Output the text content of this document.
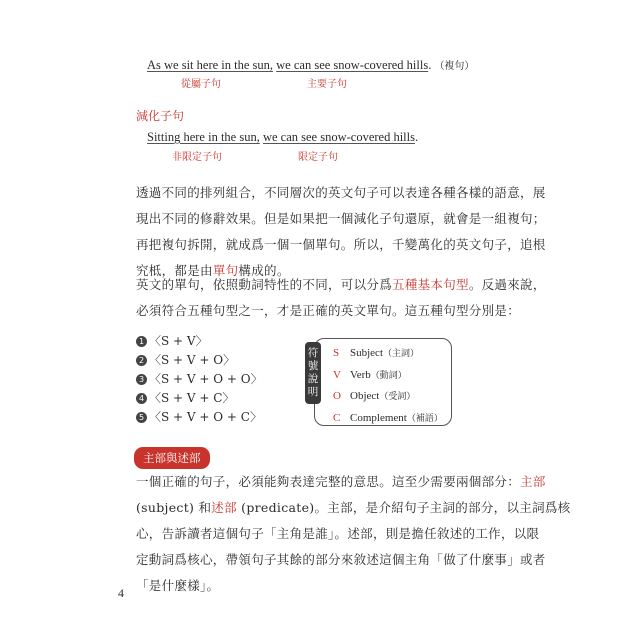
As we sit here in the sun, we can see snow-covered hills. （複句）
從屬子句	主要子句
減化子句
Sitting here in the sun, we can see snow-covered hills.
非限定子句	限定子句
透過不同的排列組合，不同層次的英文句子可以表達各種各樣的語意，展
現出不同的修辭效果。但是如果把一個減化子句還原，就會是一組複句；
再把複句拆開，就成爲一個一個單句。所以，千變萬化的英文句子，追根
究柢，都是由單句構成的。
英文的單句，依照動詞特性的不同，可以分爲五種基本句型。反過來說，
必須符合五種句型之一，才是正確的英文單句。這五種句型分別是：
1 〈S + V〉
2 〈S + V + O〉
3 〈S + V + O + O〉
4 〈S + V + C〉
5 〈S + V + O + C〉
符號說明
S Subject（主詞）
V Verb（動詞）
O Object（受詞）
C Complement（補語）
主部與述部
一個正確的句子，必須能夠表達完整的意思。這至少需要兩個部分：主部
(subject) 和述部 (predicate)。主部，是介紹句子主詞的部分，以主詞爲核
心，告訴讀者這個句子「主角是誰」。述部，則是擔任敘述的工作，以限
定動詞爲核心，帶領句子其餘的部分來敘述這個主角「做了什麼事」或者
「是什麼樣」。
4
